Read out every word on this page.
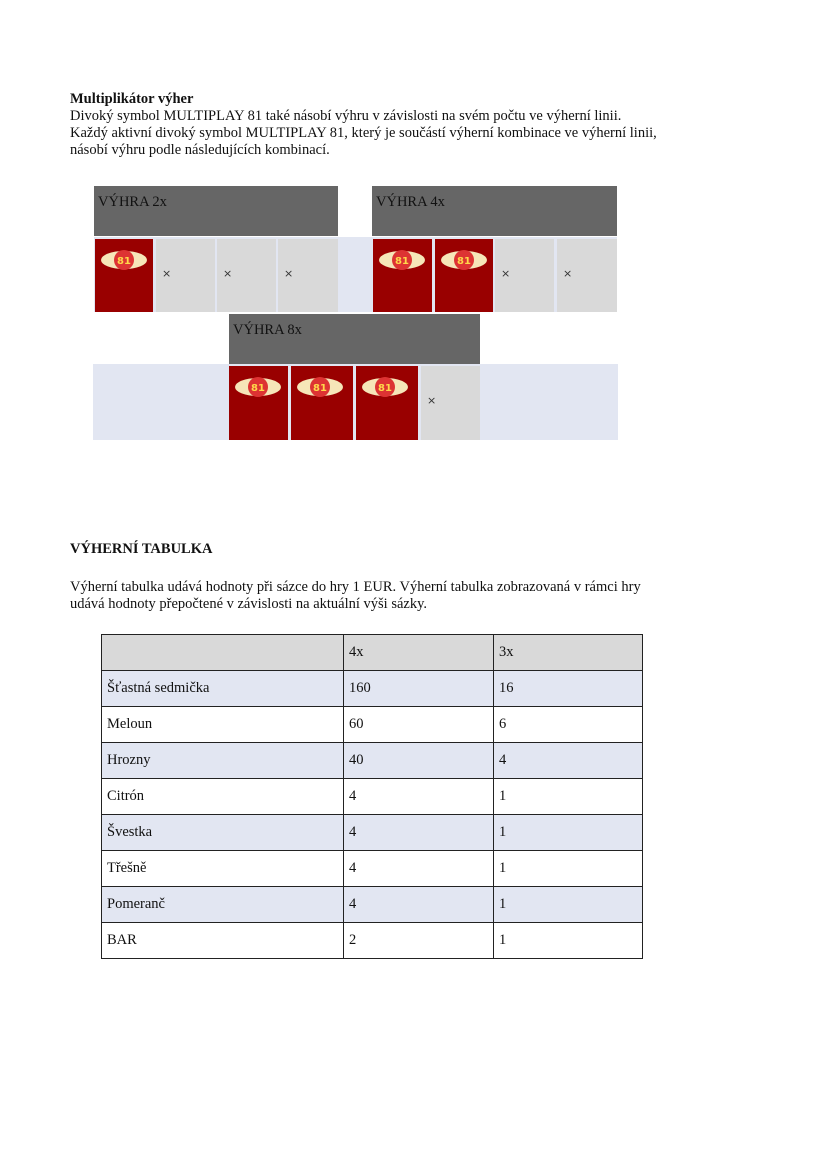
Multiplikátor výher

Divoký symbol MULTIPLAY 81 také násobí výhru v závislosti na svém počtu ve výherní linii.

Každý aktivní divoký symbol MULTIPLAY 81, který je součástí výherní kombinace ve výherní linii,

násobí výhru podle následujících kombinací.

VÝHRA 2x	VÝHRA 4x
81
×	×	×
81	81
×	×
VÝHRA 8x
81	81	81
×
VÝHERNÍ TABULKA

Výherní tabulka udává hodnoty při sázce do hry 1 EUR. Výherní tabulka zobrazovaná v rámci hry

udává hodnoty přepočtené v závislosti na aktuální výši sázky.

	4x	3x
Šťastná sedmička	160	16
Meloun	60	6
Hrozny	40	4
Citrón	4	1
Švestka	4	1
Třešně	4	1
Pomeranč	4	1
BAR	2	1
